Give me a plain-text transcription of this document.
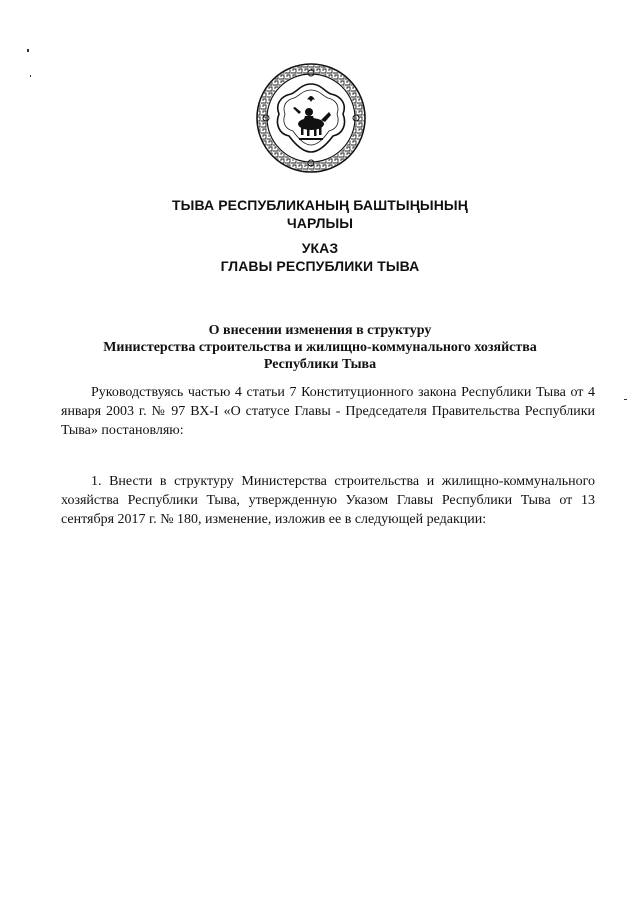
ТЫВА РЕСПУБЛИКАНЫҢ БАШТЫҢЫНЫҢ
ЧАРЛЫЫ
УКАЗ
ГЛАВЫ РЕСПУБЛИКИ ТЫВА
О внесении изменения в структуру
Министерства строительства и жилищно-коммунального хозяйства
Республики Тыва

Руководствуясь частью 4 статьи 7 Конституционного закона Республики Тыва от 4 января 2003 г. № 97 ВХ-I «О статусе Главы - Председателя Правительства Республики Тыва» постановляю:

1. Внести в структуру Министерства строительства и жилищно-коммунального хозяйства Республики Тыва, утвержденную Указом Главы Республики Тыва от 13 сентября 2017 г. № 180, изменение, изложив ее в следующей редакции:
